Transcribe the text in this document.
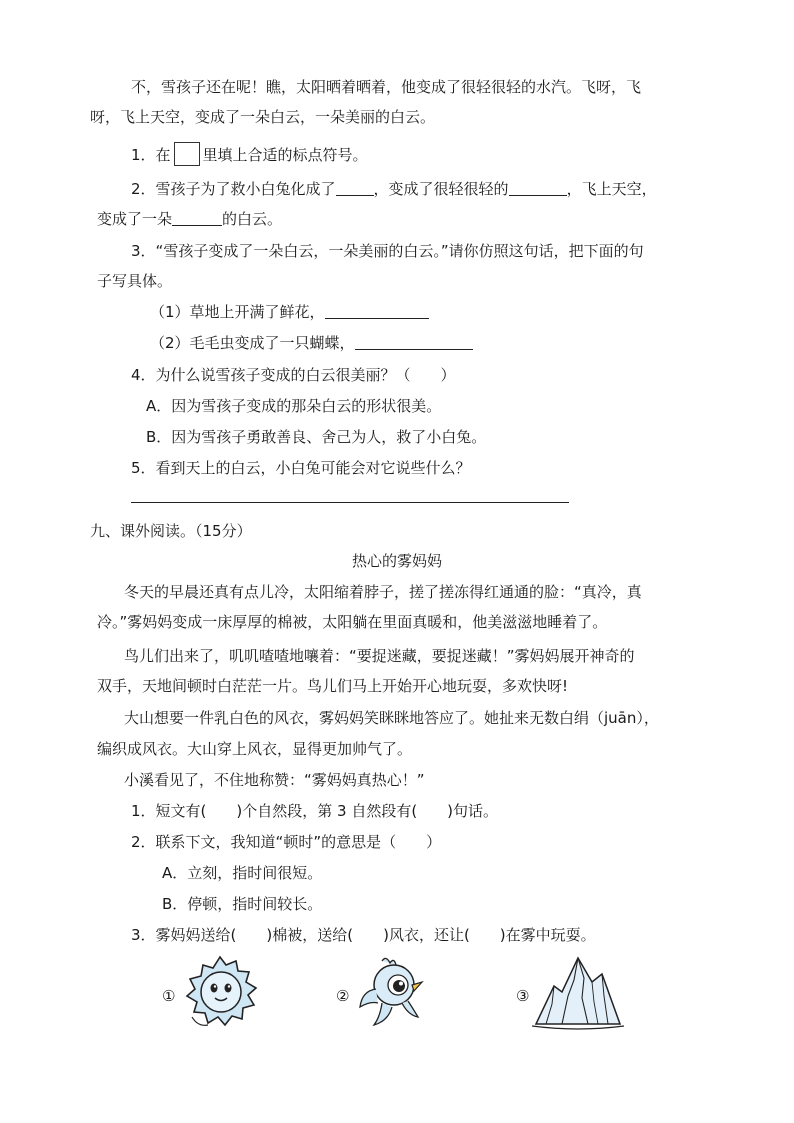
不，雪孩子还在呢！瞧，太阳晒着晒着，他变成了很轻很轻的水汽。飞呀，飞
呀，飞上天空，变成了一朵白云，一朵美丽的白云。
1．在 里填上合适的标点符号。
2．雪孩子为了救小白兔化成了	，变成了很轻很轻的	，飞上天空，
变成了一朵	的白云。
3．“雪孩子变成了一朵白云，一朵美丽的白云。”请你仿照这句话，把下面的句
子写具体。
（1）草地上开满了鲜花，
（2）毛毛虫变成了一只蝴蝶，
4．为什么说雪孩子变成的白云很美丽？（　　）
A．因为雪孩子变成的那朵白云的形状很美。
B．因为雪孩子勇敢善良、舍己为人，救了小白兔。
5．看到天上的白云，小白兔可能会对它说些什么？
九、课外阅读。（15分）
热心的雾妈妈
冬天的早晨还真有点儿冷，太阳缩着脖子，搓了搓冻得红通通的脸：“真冷，真
冷。”雾妈妈变成一床厚厚的棉被，太阳躺在里面真暖和，他美滋滋地睡着了。
鸟儿们出来了，叽叽喳喳地嚷着：“要捉迷藏，要捉迷藏！”雾妈妈展开神奇的
双手，天地间顿时白茫茫一片。鸟儿们马上开始开心地玩耍，多欢快呀!
大山想要一件乳白色的风衣，雾妈妈笑眯眯地答应了。她扯来无数白绢（juān），
编织成风衣。大山穿上风衣，显得更加帅气了。
小溪看见了，不住地称赞：“雾妈妈真热心！”
1．短文有(　　)个自然段，第 3 自然段有(　　)句话。
2．联系下文，我知道“顿时”的意思是（　　）
A．立刻，指时间很短。
B．停顿，指时间较长。
3．雾妈妈送给(　　)棉被，送给(　　)风衣，还让(　　)在雾中玩耍。
①	②	③
